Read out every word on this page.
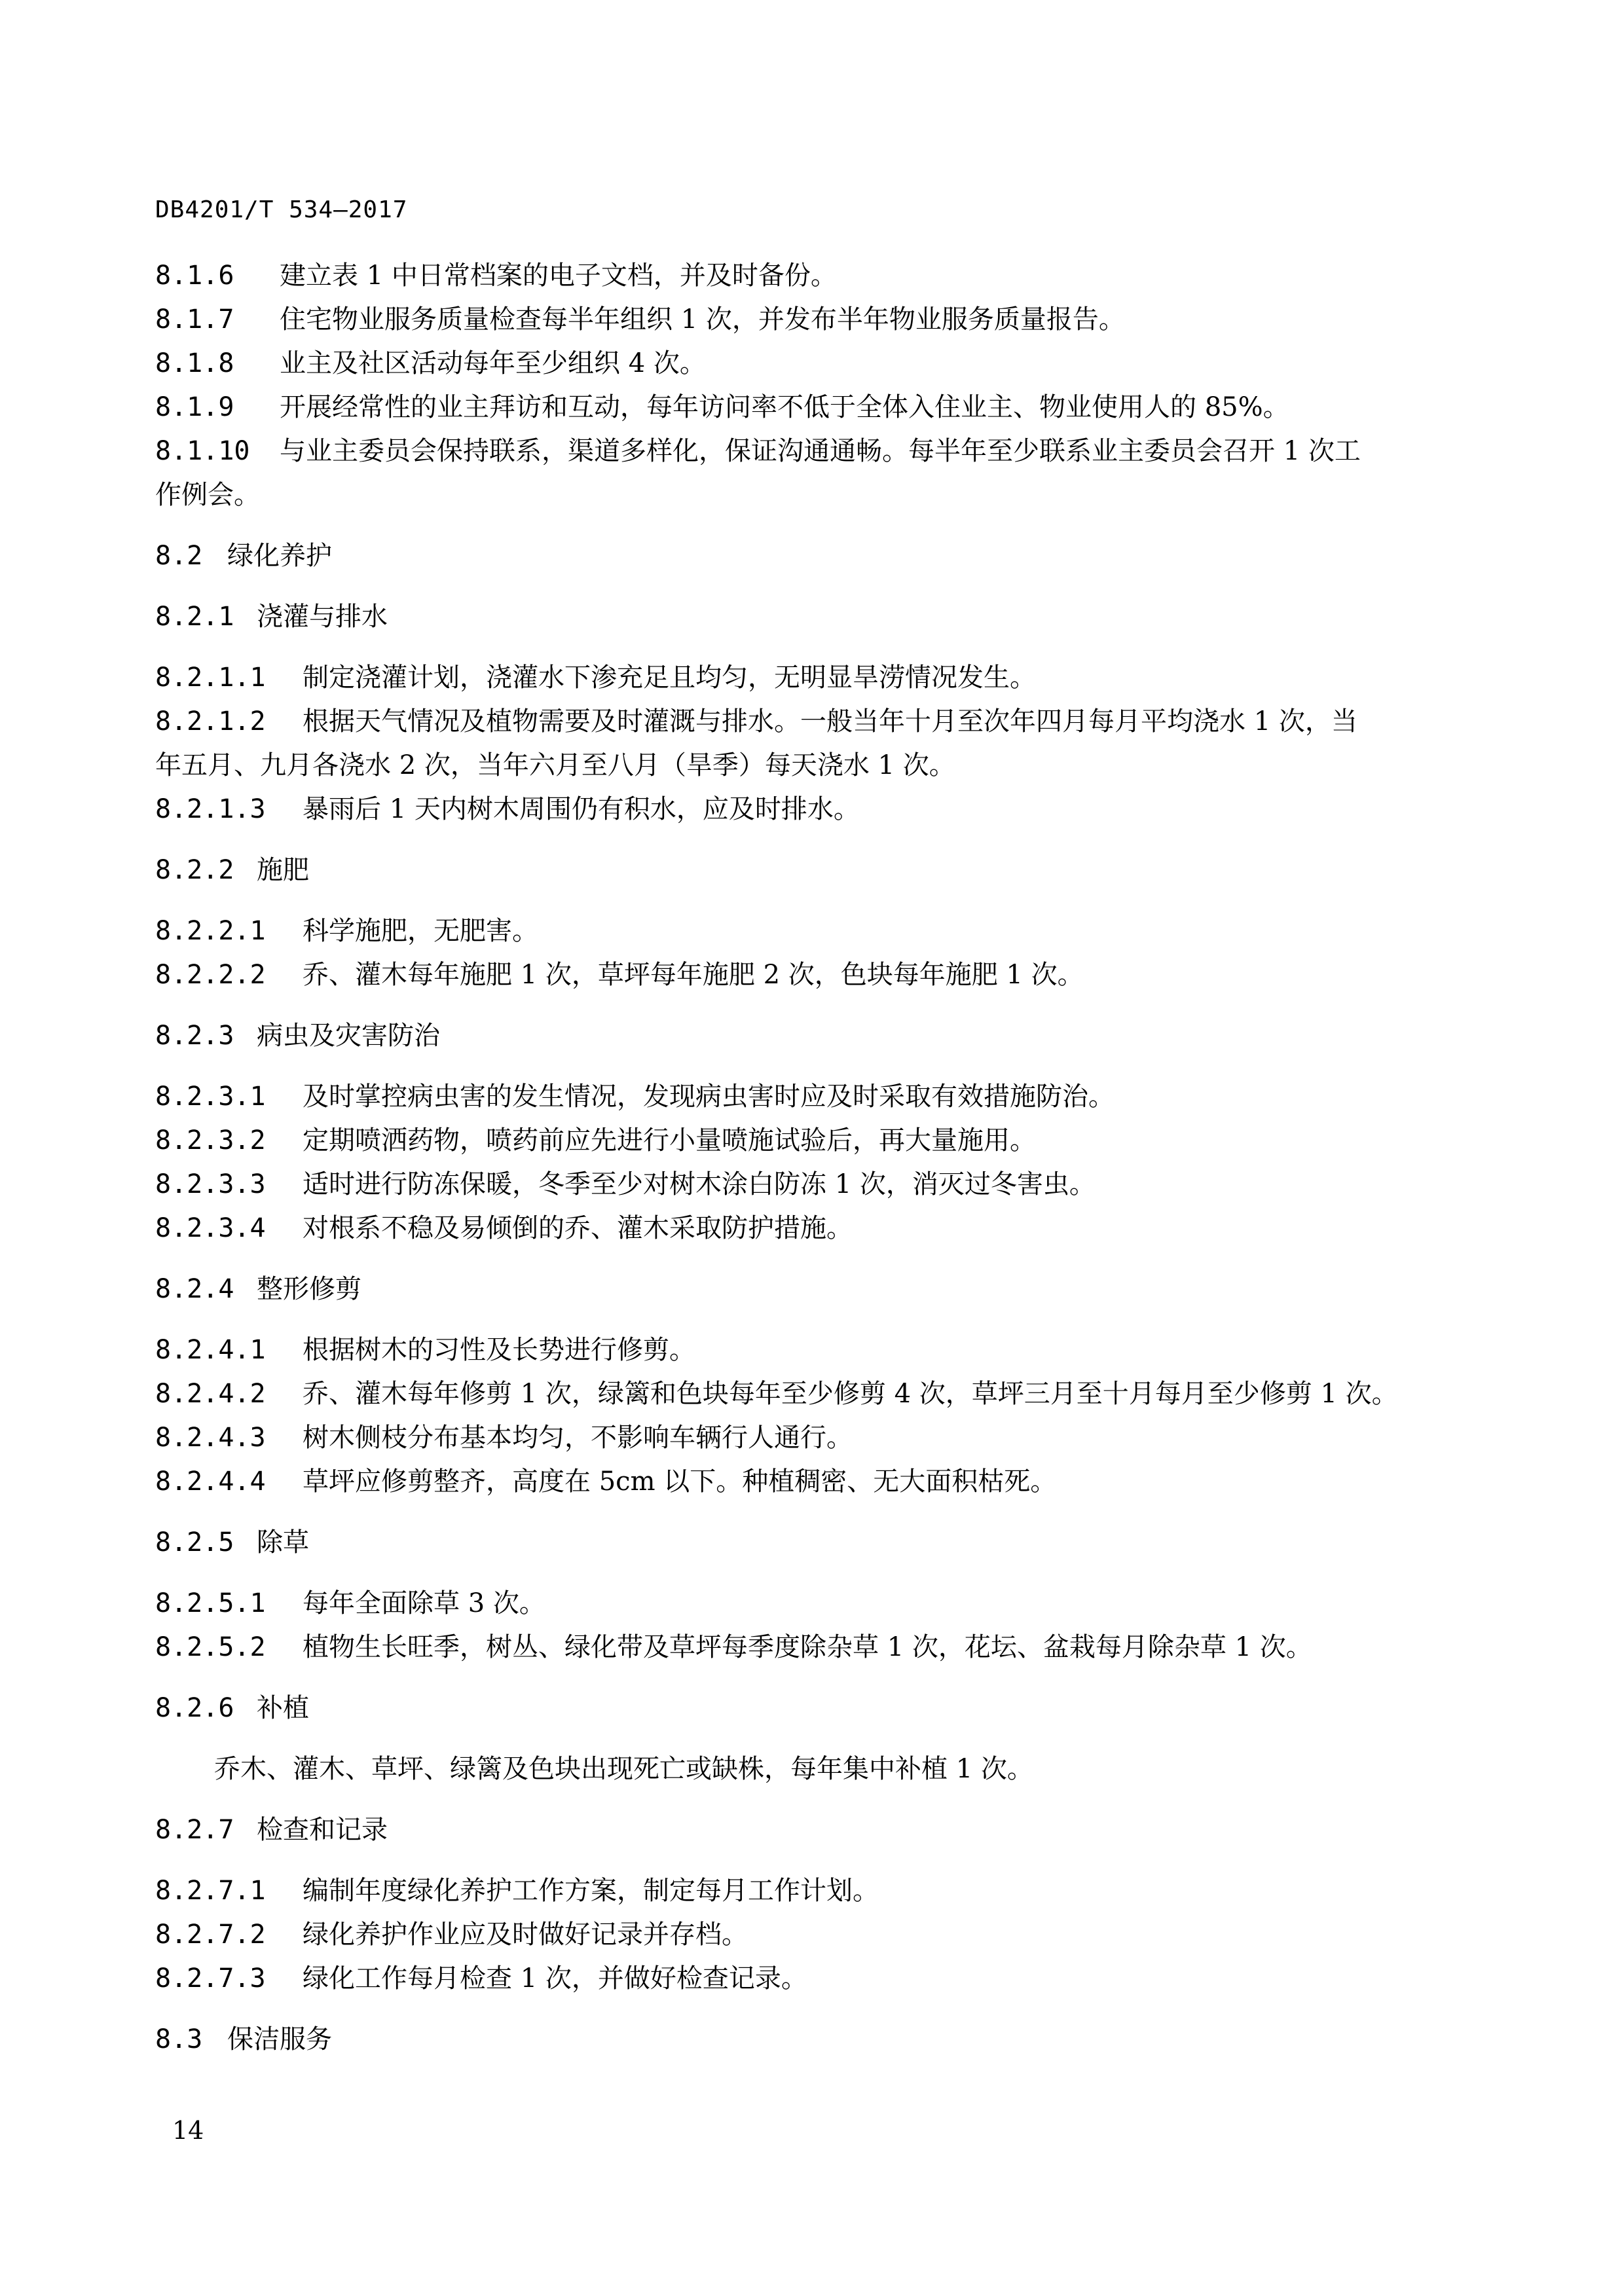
DB4201/T 534—2017
8.1.6 建立表 1 中日常档案的电子文档，并及时备份。
8.1.7 住宅物业服务质量检查每半年组织 1 次，并发布半年物业服务质量报告。
8.1.8 业主及社区活动每年至少组织 4 次。
8.1.9 开展经常性的业主拜访和互动，每年访问率不低于全体入住业主、物业使用人的 85%。
8.1.10 与业主委员会保持联系，渠道多样化，保证沟通通畅。每半年至少联系业主委员会召开 1 次工
作例会。
8.2 绿化养护
8.2.1 浇灌与排水
8.2.1.1 制定浇灌计划，浇灌水下渗充足且均匀，无明显旱涝情况发生。
8.2.1.2 根据天气情况及植物需要及时灌溉与排水。一般当年十月至次年四月每月平均浇水 1 次，当
年五月、九月各浇水 2 次，当年六月至八月（旱季）每天浇水 1 次。
8.2.1.3 暴雨后 1 天内树木周围仍有积水，应及时排水。
8.2.2 施肥
8.2.2.1 科学施肥，无肥害。
8.2.2.2 乔、灌木每年施肥 1 次，草坪每年施肥 2 次，色块每年施肥 1 次。
8.2.3 病虫及灾害防治
8.2.3.1 及时掌控病虫害的发生情况，发现病虫害时应及时采取有效措施防治。
8.2.3.2 定期喷洒药物，喷药前应先进行小量喷施试验后，再大量施用。
8.2.3.3 适时进行防冻保暖，冬季至少对树木涂白防冻 1 次，消灭过冬害虫。
8.2.3.4 对根系不稳及易倾倒的乔、灌木采取防护措施。
8.2.4 整形修剪
8.2.4.1 根据树木的习性及长势进行修剪。
8.2.4.2 乔、灌木每年修剪 1 次，绿篱和色块每年至少修剪 4 次，草坪三月至十月每月至少修剪 1 次。
8.2.4.3 树木侧枝分布基本均匀，不影响车辆行人通行。
8.2.4.4 草坪应修剪整齐，高度在 5cm 以下。种植稠密、无大面积枯死。
8.2.5 除草
8.2.5.1 每年全面除草 3 次。
8.2.5.2 植物生长旺季，树丛、绿化带及草坪每季度除杂草 1 次，花坛、盆栽每月除杂草 1 次。
8.2.6 补植
乔木、灌木、草坪、绿篱及色块出现死亡或缺株，每年集中补植 1 次。
8.2.7 检查和记录
8.2.7.1 编制年度绿化养护工作方案，制定每月工作计划。
8.2.7.2 绿化养护作业应及时做好记录并存档。
8.2.7.3 绿化工作每月检查 1 次，并做好检查记录。
8.3 保洁服务
14
